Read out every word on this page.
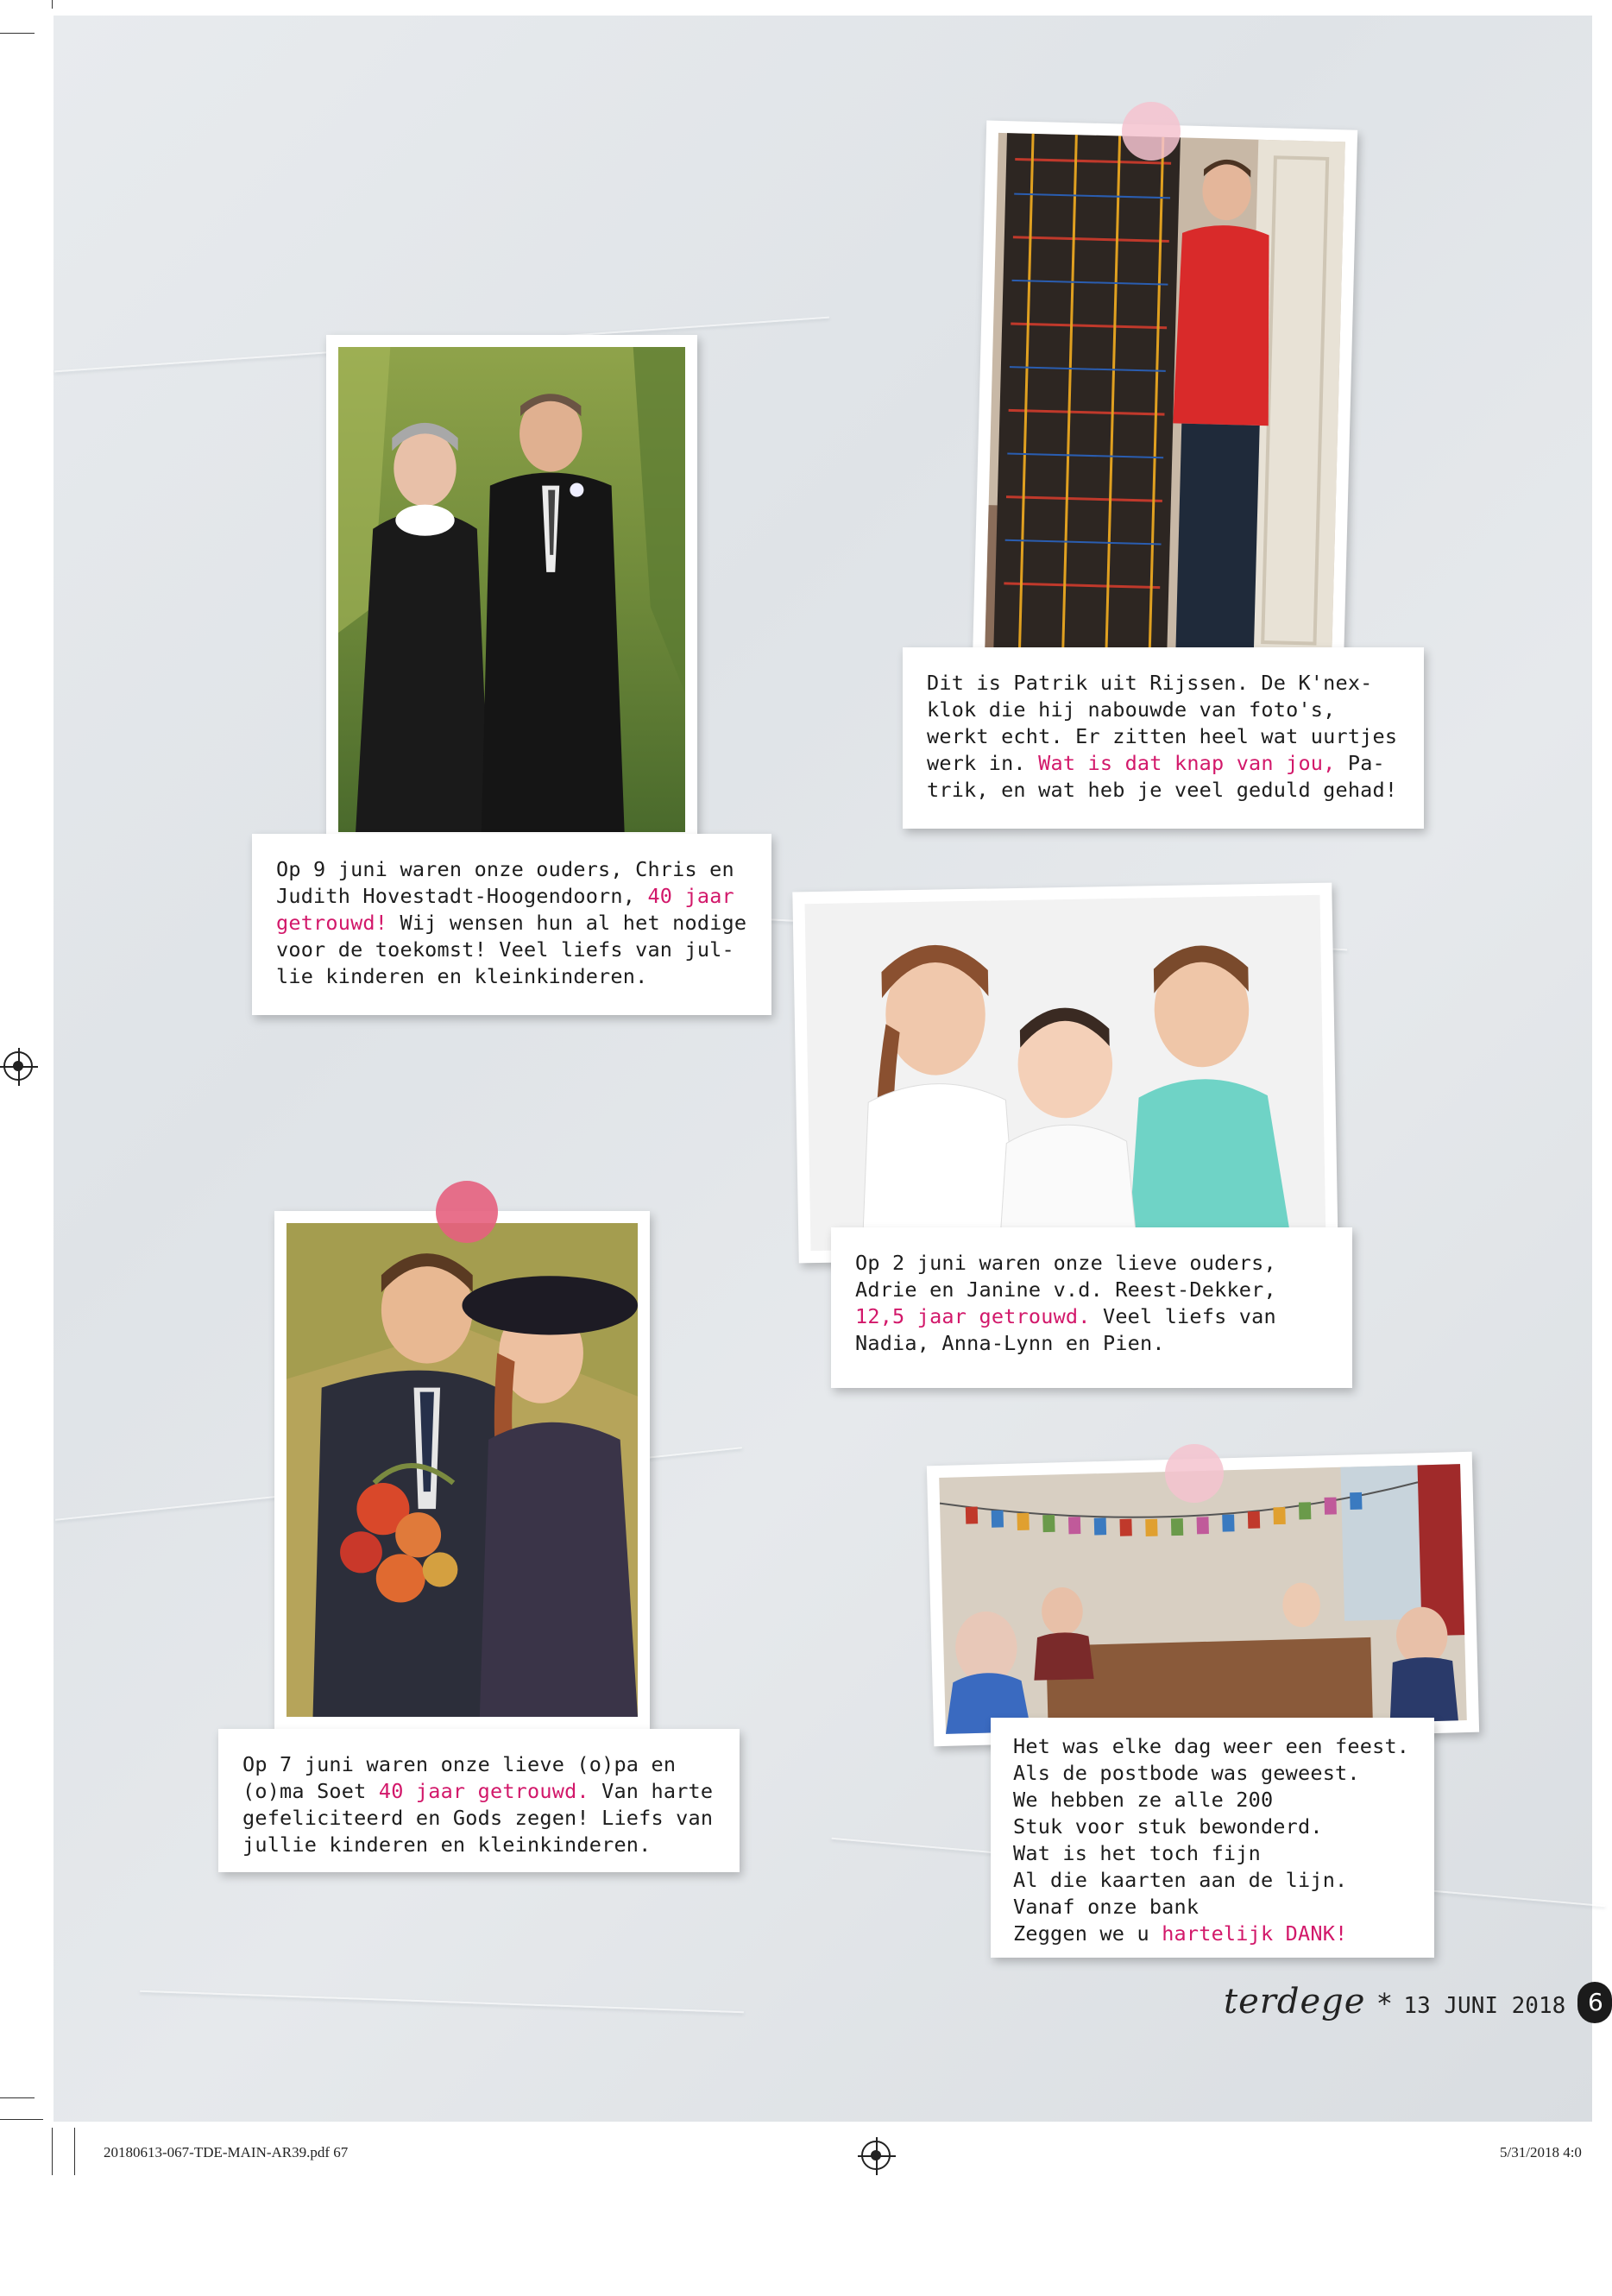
Dit is Patrik uit Rijssen. De K'nex-
klok die hij nabouwde van foto's,
werkt echt. Er zitten heel wat uurtjes
werk in. Wat is dat knap van jou, Pa-
trik, en wat heb je veel geduld gehad!
Op 9 juni waren onze ouders, Chris en
Judith Hovestadt-Hoogendoorn, 40 jaar
getrouwd! Wij wensen hun al het nodige
voor de toekomst! Veel liefs van jul-
lie kinderen en kleinkinderen.
Op 2 juni waren onze lieve ouders,
Adrie en Janine v.d. Reest-Dekker,
12,5 jaar getrouwd. Veel liefs van
Nadia, Anna-Lynn en Pien.
Op 7 juni waren onze lieve (o)pa en
(o)ma Soet 40 jaar getrouwd. Van harte
gefeliciteerd en Gods zegen! Liefs van
jullie kinderen en kleinkinderen.
Het was elke dag weer een feest.
Als de postbode was geweest.
We hebben ze alle 200
Stuk voor stuk bewonderd.
Wat is het toch fijn
Al die kaarten aan de lijn.
Vanaf onze bank
Zeggen we u hartelijk DANK!
terdege * 13 JUNI 2018 6
20180613-067-TDE-MAIN-AR39.pdf 67	5/31/2018 4:0
